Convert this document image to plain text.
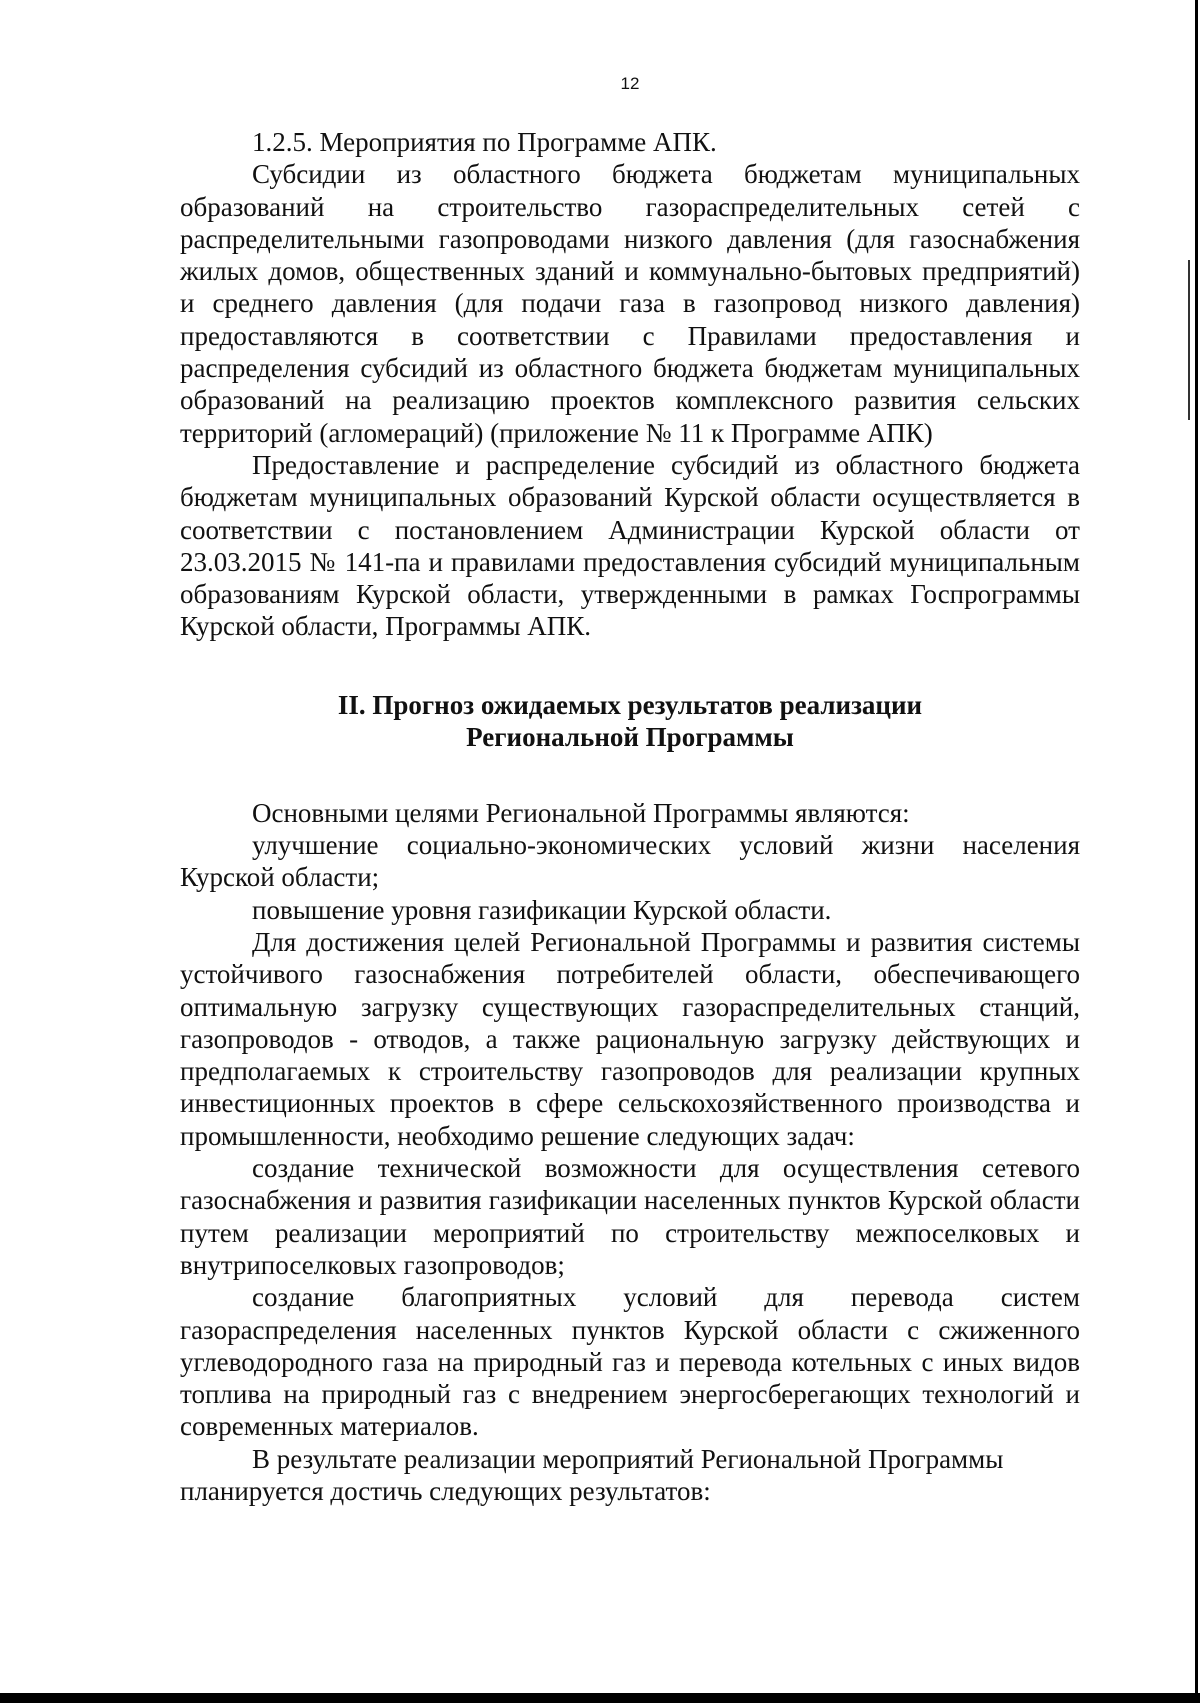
12

1.2.5. Мероприятия по Программе АПК.

Субсидии из областного бюджета бюджетам муниципальных образований на строительство газораспределительных сетей с распределительными газопроводами низкого давления (для газоснабжения жилых домов, общественных зданий и коммунально-бытовых предприятий) и среднего давления (для подачи газа в газопровод низкого давления) предоставляются в соответствии с Правилами предоставления и распределения субсидий из областного бюджета бюджетам муниципальных образований на реализацию проектов комплексного развития сельских территорий (агломераций) (приложение № 11 к Программе АПК)

Предоставление и распределение субсидий из областного бюджета бюджетам муниципальных образований Курской области осуществляется в соответствии с постановлением Администрации Курской области от 23.03.2015 № 141-па и правилами предоставления субсидий муниципальным образованиям Курской области, утвержденными в рамках Госпрограммы Курской области, Программы АПК.

II. Прогноз ожидаемых результатов реализации
Региональной Программы

Основными целями Региональной Программы являются:

улучшение социально-экономических условий жизни населения Курской области;

повышение уровня газификации Курской области.

Для достижения целей Региональной Программы и развития системы устойчивого газоснабжения потребителей области, обеспечивающего оптимальную загрузку существующих газораспределительных станций, газопроводов - отводов, а также рациональную загрузку действующих и предполагаемых к строительству газопроводов для реализации крупных инвестиционных проектов в сфере сельскохозяйственного производства и промышленности, необходимо решение следующих задач:

создание технической возможности для осуществления сетевого газоснабжения и развития газификации населенных пунктов Курской области путем реализации мероприятий по строительству межпоселковых и внутрипоселковых газопроводов;

создание благоприятных условий для перевода систем газораспределения населенных пунктов Курской области с сжиженного углеводородного газа на природный газ и перевода котельных с иных видов топлива на природный газ с внедрением энергосберегающих технологий и современных материалов.

В результате реализации мероприятий Региональной Программы планируется достичь следующих результатов:
